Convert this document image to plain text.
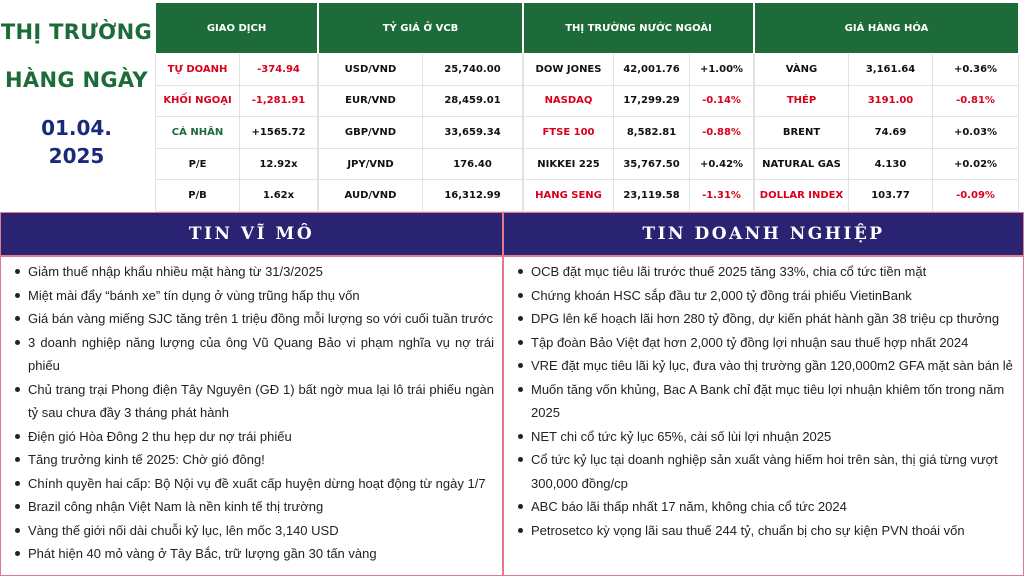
THỊ TRƯỜNG
HÀNG NGÀY
01.04.
2025
GIAO DỊCH	
TỰ DOANH	-374.94
KHỐI NGOẠI	-1,281.91
CÁ NHÂN	+1565.72
P/E	12.92x
P/B	1.62x
TỶ GIÁ Ở VCB	
USD/VND	25,740.00
EUR/VND	28,459.01
GBP/VND	33,659.34
JPY/VND	176.40
AUD/VND	16,312.99
THỊ TRƯỜNG NƯỚC NGOÀI		
DOW JONES	42,001.76	+1.00%
NASDAQ	17,299.29	-0.14%
FTSE 100	8,582.81	-0.88%
NIKKEI 225	35,767.50	+0.42%
HANG SENG	23,119.58	-1.31%
GIÁ HÀNG HÓA		
VÀNG	3,161.64	+0.36%
THÉP	3191.00	-0.81%
BRENT	74.69	+0.03%
NATURAL GAS	4.130	+0.02%
DOLLAR INDEX	103.77	-0.09%
TIN VĨ MÔ
Giảm thuế nhập khẩu nhiều mặt hàng từ 31/3/2025
Miệt mài đẩy “bánh xe” tín dụng ở vùng trũng hấp thụ vốn
Giá bán vàng miếng SJC tăng trên 1 triệu đồng mỗi lượng so với cuối tuần trước
3 doanh nghiệp năng lượng của ông Vũ Quang Bảo vi phạm nghĩa vụ nợ trái phiếu
Chủ trang trại Phong điện Tây Nguyên (GĐ 1) bất ngờ mua lại lô trái phiếu ngàn tỷ sau chưa đầy 3 tháng phát hành
Điện gió Hòa Đông 2 thu hẹp dư nợ trái phiếu
Tăng trưởng kinh tế 2025: Chờ gió đông!
Chính quyền hai cấp: Bộ Nội vụ đề xuất cấp huyện dừng hoạt động từ ngày 1/7
Brazil công nhận Việt Nam là nền kinh tế thị trường
Vàng thế giới nối dài chuỗi kỷ lục, lên mốc 3,140 USD
Phát hiện 40 mỏ vàng ở Tây Bắc, trữ lượng gần 30 tấn vàng
TIN DOANH NGHIỆP
OCB đặt mục tiêu lãi trước thuế 2025 tăng 33%, chia cổ tức tiền mặt
Chứng khoán HSC sắp đầu tư 2,000 tỷ đồng trái phiếu VietinBank
DPG lên kế hoạch lãi hơn 280 tỷ đồng, dự kiến phát hành gần 38 triệu cp thưởng
Tập đoàn Bảo Việt đạt hơn 2,000 tỷ đồng lợi nhuận sau thuế hợp nhất 2024
VRE đặt mục tiêu lãi kỷ lục, đưa vào thị trường gần 120,000m2 GFA mặt sàn bán lẻ
Muốn tăng vốn khủng, Bac A Bank chỉ đặt mục tiêu lợi nhuận khiêm tốn trong năm 2025
NET chi cổ tức kỷ lục 65%, cài số lùi lợi nhuận 2025
Cổ tức kỷ lục tại doanh nghiệp sản xuất vàng hiếm hoi trên sàn, thị giá từng vượt 300,000 đồng/cp
ABC báo lãi thấp nhất 17 năm, không chia cổ tức 2024
Petrosetco kỳ vọng lãi sau thuế 244 tỷ, chuẩn bị cho sự kiện PVN thoái vốn
